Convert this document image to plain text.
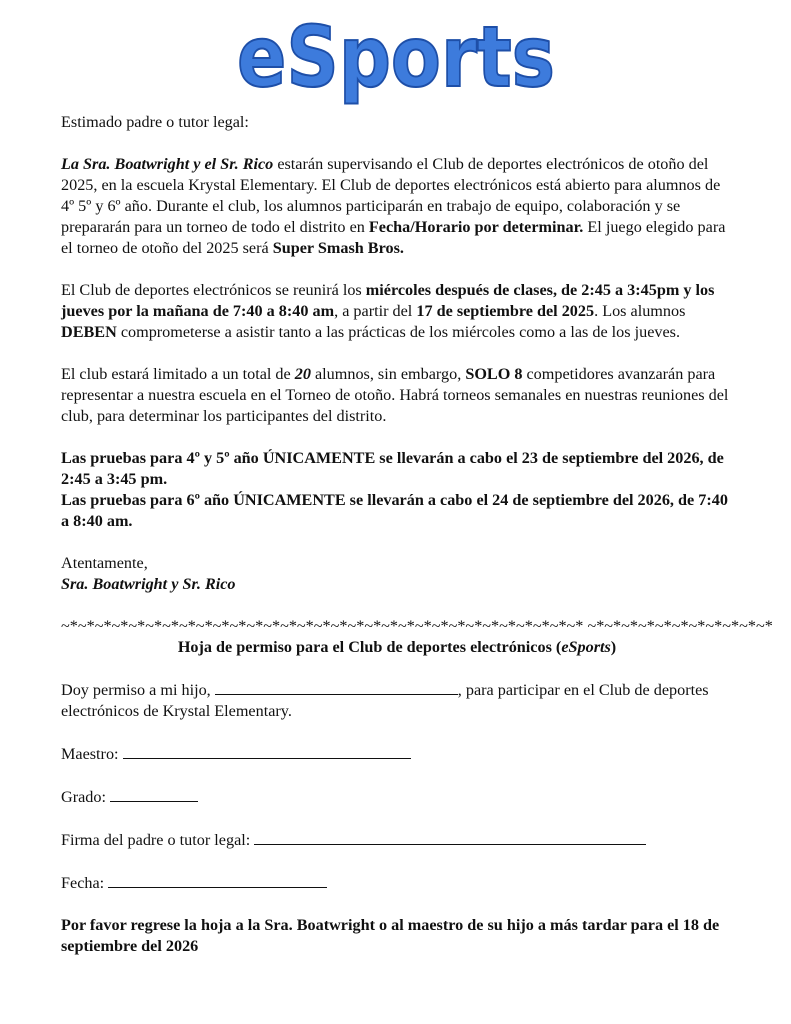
eSports

Estimado padre o tutor legal:

La Sra. Boatwright y el Sr. Rico estarán supervisando el Club de deportes electrónicos de otoño del 2025, en la escuela Krystal Elementary. El Club de deportes electrónicos está abierto para alumnos de 4º 5º y 6º año. Durante el club, los alumnos participarán en trabajo de equipo, colaboración y se prepararán para un torneo de todo el distrito en Fecha/Horario por determinar. El juego elegido para el torneo de otoño del 2025 será Super Smash Bros.

El Club de deportes electrónicos se reunirá los miércoles después de clases, de 2:45 a 3:45pm y los jueves por la mañana de 7:40 a 8:40 am, a partir del 17 de septiembre del 2025. Los alumnos DEBEN comprometerse a asistir tanto a las prácticas de los miércoles como a las de los jueves.

El club estará limitado a un total de 20 alumnos, sin embargo, SOLO 8 competidores avanzarán para representar a nuestra escuela en el Torneo de otoño. Habrá torneos semanales en nuestras reuniones del club, para determinar los participantes del distrito.

Las pruebas para 4º y 5º año ÚNICAMENTE se llevarán a cabo el 23 de septiembre del 2026, de 2:45 a 3:45 pm.

Las pruebas para 6º año ÚNICAMENTE se llevarán a cabo el 24 de septiembre del 2026, de 7:40 a 8:40 am.

Atentamente,

Sra. Boatwright y Sr. Rico

~*~*~*~*~*~*~*~*~*~*~*~*~*~*~*~*~*~*~*~*~*~*~*~*~*~*~*~*~*~*~* ~*~*~*~*~*~*~*~*~*~*~*

Hoja de permiso para el Club de deportes electrónicos (eSports)

Doy permiso a mi hijo,	, para participar en el Club de deportes electrónicos de Krystal Elementary.

Maestro:

Grado:

Firma del padre o tutor legal:

Fecha:

Por favor regrese la hoja a la Sra. Boatwright o al maestro de su hijo a más tardar para el 18 de septiembre del 2026
